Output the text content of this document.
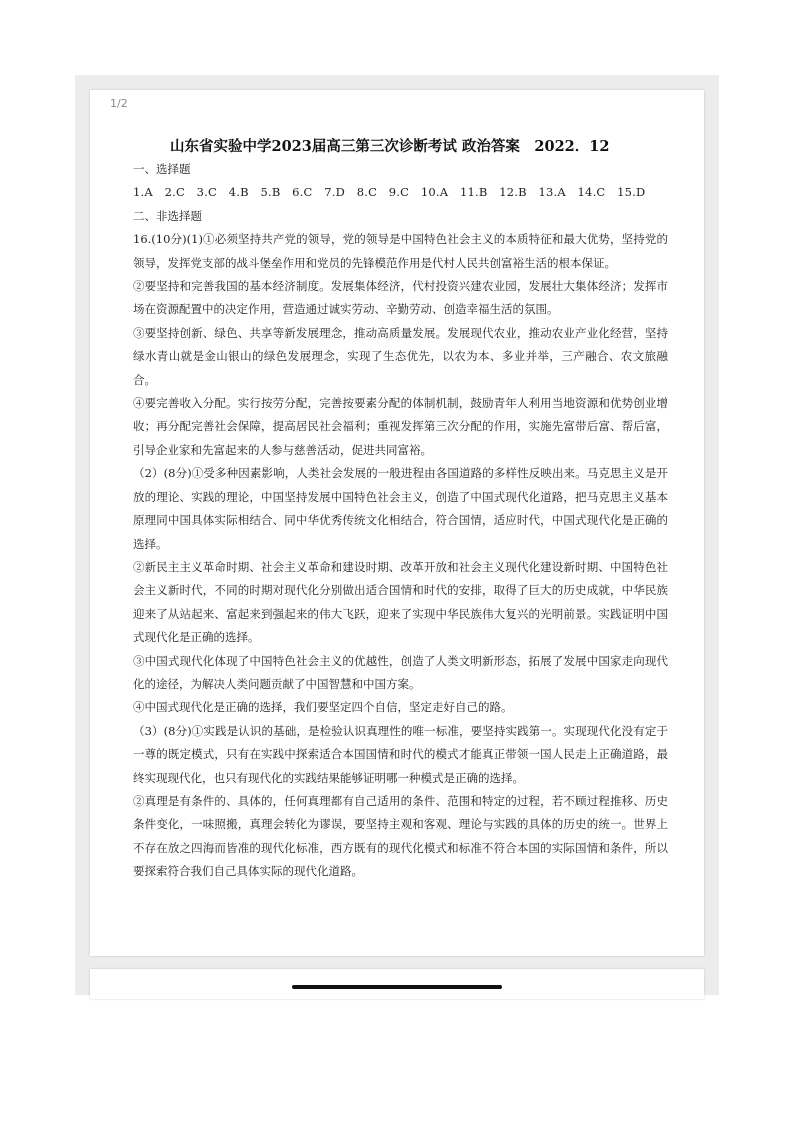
1/2
山东省实验中学2023届高三第三次诊断考试 政治答案　2022．12

一、选择题

1.A　2.C　3.C　4.B　5.B　6.C　7.D　8.C　9.C　10.A　11.B　12.B　13.A　14.C　15.D

二、非选择题

16.(10分)(1)①必须坚持共产党的领导，党的领导是中国特色社会主义的本质特征和最大优势，坚持党的领导，发挥党支部的战斗堡垒作用和党员的先锋模范作用是代村人民共创富裕生活的根本保证。

②要坚持和完善我国的基本经济制度。发展集体经济，代村投资兴建农业园，发展壮大集体经济；发挥市场在资源配置中的决定作用，营造通过诚实劳动、辛勤劳动、创造幸福生活的氛围。

③要坚持创新、绿色、共享等新发展理念，推动高质量发展。发展现代农业，推动农业产业化经营，坚持绿水青山就是金山银山的绿色发展理念，实现了生态优先，以农为本、多业并举，三产融合、农文旅融合。

④要完善收入分配。实行按劳分配，完善按要素分配的体制机制，鼓励青年人利用当地资源和优势创业增收；再分配完善社会保障，提高居民社会福利；重视发挥第三次分配的作用，实施先富带后富、帮后富，引导企业家和先富起来的人参与慈善活动，促进共同富裕。

（2）(8分)①受多种因素影响，人类社会发展的一般进程由各国道路的多样性反映出来。马克思主义是开放的理论、实践的理论，中国坚持发展中国特色社会主义，创造了中国式现代化道路，把马克思主义基本原理同中国具体实际相结合、同中华优秀传统文化相结合，符合国情，适应时代，中国式现代化是正确的选择。

②新民主主义革命时期、社会主义革命和建设时期、改革开放和社会主义现代化建设新时期、中国特色社会主义新时代，不同的时期对现代化分别做出适合国情和时代的安排，取得了巨大的历史成就，中华民族迎来了从站起来、富起来到强起来的伟大飞跃，迎来了实现中华民族伟大复兴的光明前景。实践证明中国式现代化是正确的选择。

③中国式现代化体现了中国特色社会主义的优越性，创造了人类文明新形态，拓展了发展中国家走向现代化的途径，为解决人类问题贡献了中国智慧和中国方案。

④中国式现代化是正确的选择，我们要坚定四个自信，坚定走好自己的路。

（3）(8分)①实践是认识的基础，是检验认识真理性的唯一标准，要坚持实践第一。实现现代化没有定于一尊的既定模式，只有在实践中探索适合本国国情和时代的模式才能真正带领一国人民走上正确道路，最终实现现代化，也只有现代化的实践结果能够证明哪一种模式是正确的选择。

②真理是有条件的、具体的，任何真理都有自己适用的条件、范围和特定的过程，若不顾过程推移、历史条件变化，一味照搬，真理会转化为谬误，要坚持主观和客观、理论与实践的具体的历史的统一。世界上不存在放之四海而皆准的现代化标准，西方既有的现代化模式和标准不符合本国的实际国情和条件，所以要探索符合我们自己具体实际的现代化道路。
